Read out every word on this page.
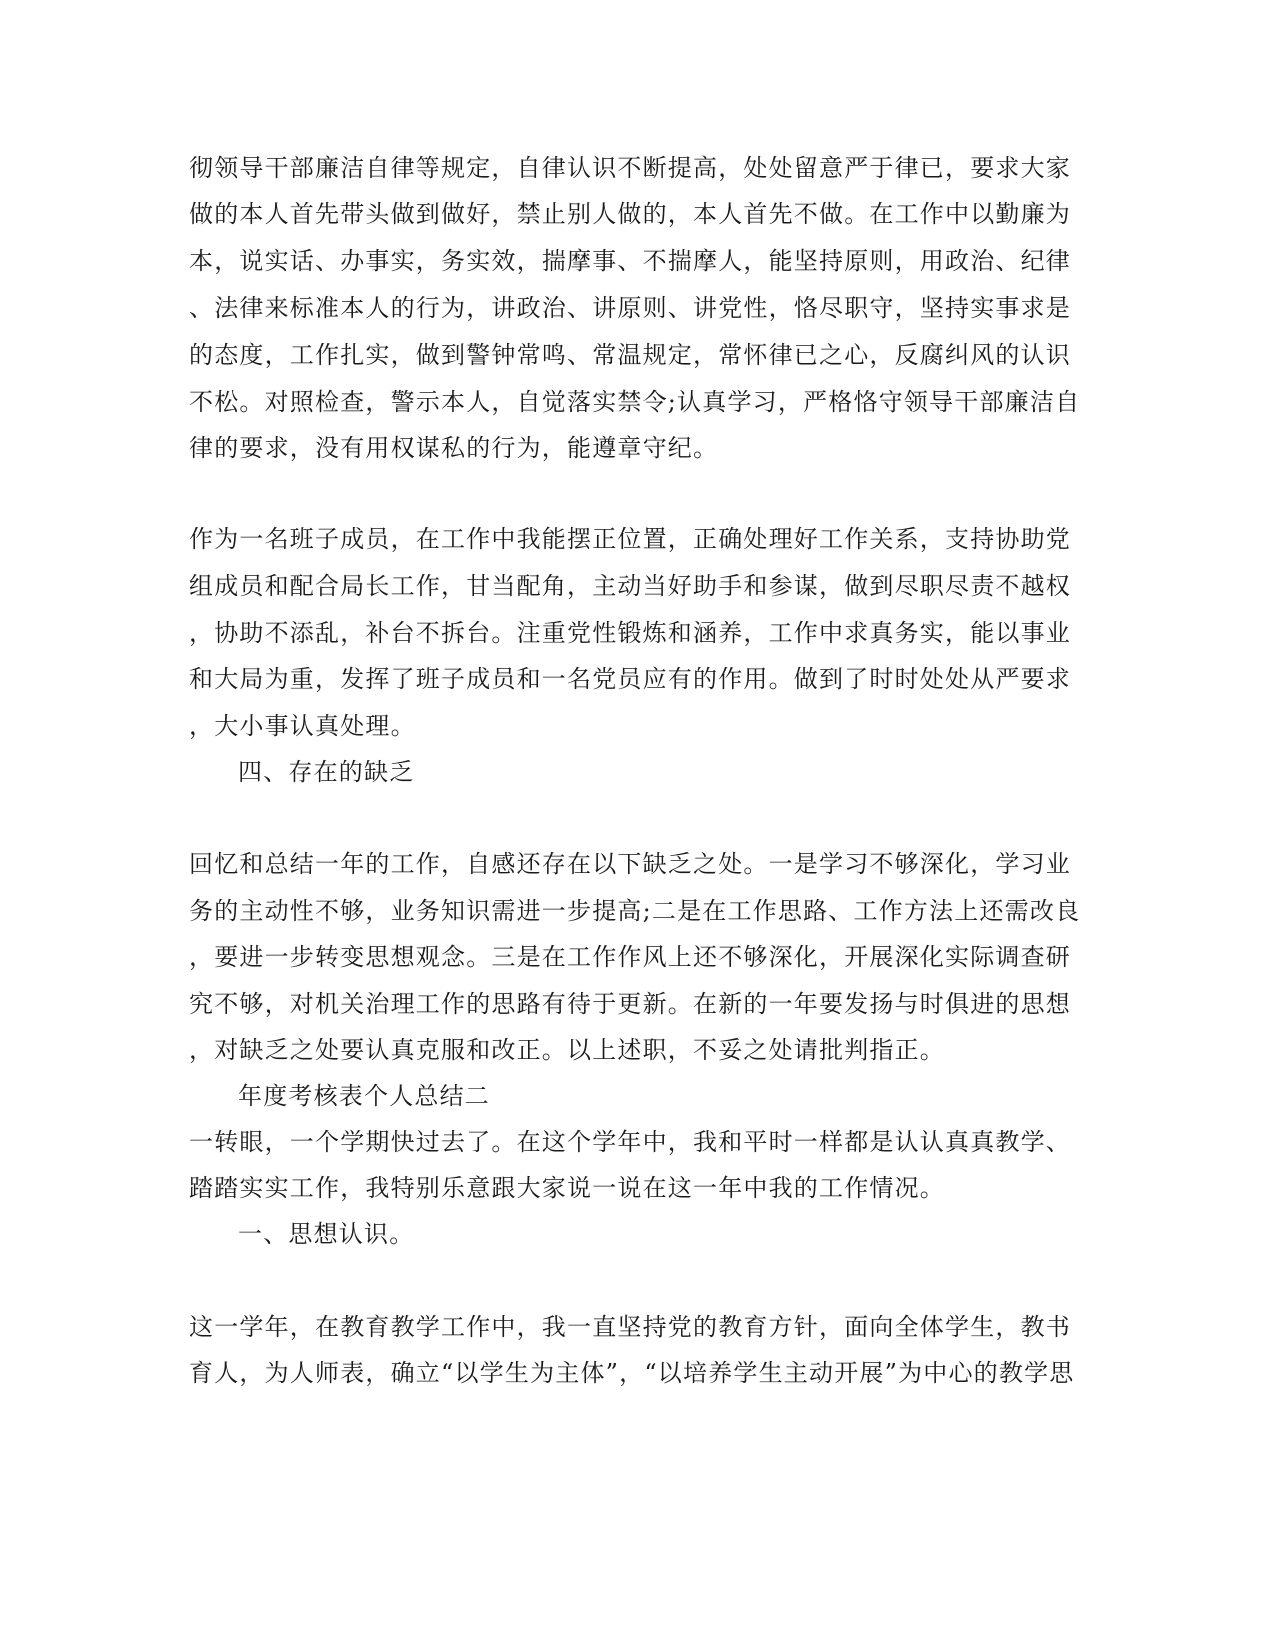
彻领导干部廉洁自律等规定，自律认识不断提高，处处留意严于律已，要求大家
做的本人首先带头做到做好，禁止别人做的，本人首先不做。在工作中以勤廉为
本，说实话、办事实，务实效，揣摩事、不揣摩人，能坚持原则，用政治、纪律
、法律来标准本人的行为，讲政治、讲原则、讲党性，恪尽职守，坚持实事求是
的态度，工作扎实，做到警钟常鸣、常温规定，常怀律已之心，反腐纠风的认识
不松。对照检查，警示本人，自觉落实禁令;认真学习，严格恪守领导干部廉洁自
律的要求，没有用权谋私的行为，能遵章守纪。
作为一名班子成员，在工作中我能摆正位置，正确处理好工作关系，支持协助党
组成员和配合局长工作，甘当配角，主动当好助手和参谋，做到尽职尽责不越权
，协助不添乱，补台不拆台。注重党性锻炼和涵养，工作中求真务实，能以事业
和大局为重，发挥了班子成员和一名党员应有的作用。做到了时时处处从严要求
，大小事认真处理。
四、存在的缺乏
回忆和总结一年的工作，自感还存在以下缺乏之处。一是学习不够深化，学习业
务的主动性不够，业务知识需进一步提高;二是在工作思路、工作方法上还需改良
，要进一步转变思想观念。三是在工作作风上还不够深化，开展深化实际调查研
究不够，对机关治理工作的思路有待于更新。在新的一年要发扬与时俱进的思想
，对缺乏之处要认真克服和改正。以上述职，不妥之处请批判指正。
年度考核表个人总结二
一转眼，一个学期快过去了。在这个学年中，我和平时一样都是认认真真教学、
踏踏实实工作，我特别乐意跟大家说一说在这一年中我的工作情况。
一、思想认识。
这一学年，在教育教学工作中，我一直坚持党的教育方针，面向全体学生，教书
育人，为人师表，确立“以学生为主体”，“以培养学生主动开展”为中心的教学思
